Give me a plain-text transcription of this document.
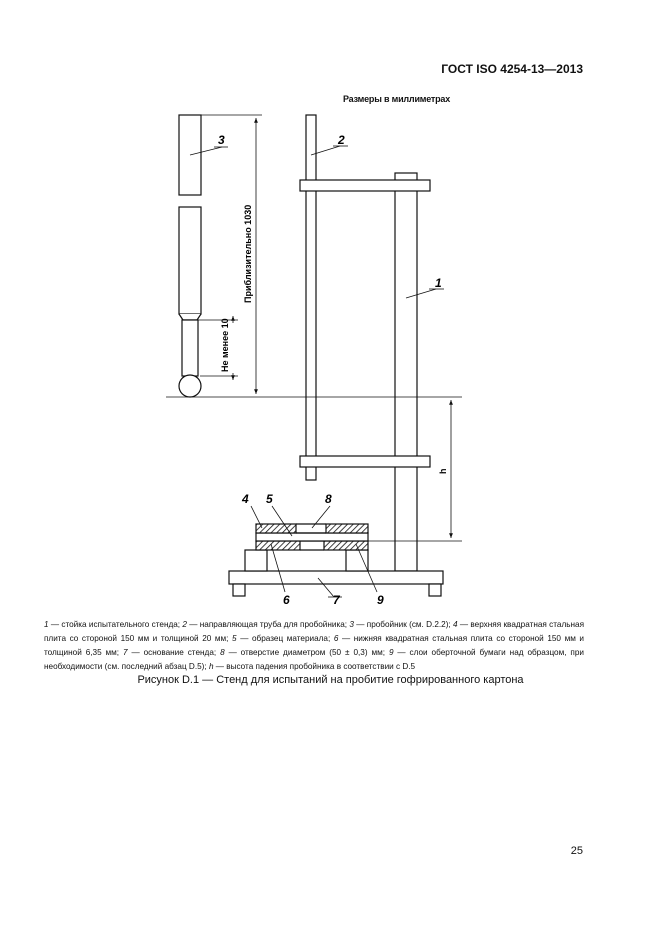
ГОСТ ISO 4254-13—2013
Размеры в миллиметрах
3	2
1
4 5	8
6	7	9
Приблизительно 1030
Не менее 10
h
1 — стойка испытательного стенда; 2 — направляющая труба для пробойника; 3 — пробойник (см. D.2.2); 4 — верхняя квадратная стальная плита со стороной 150 мм и толщиной 20 мм; 5 — образец материала; 6 — нижняя квадратная стальная плита со стороной 150 мм и толщиной 6,35 мм; 7 — основание стенда; 8 — отверстие диаметром (50 ± 0,3) мм; 9 — слои оберточной бумаги над образцом, при необходимости (см. последний абзац D.5); h — высота падения пробойника в соответствии с D.5
Рисунок D.1 — Стенд для испытаний на пробитие гофрированного картона
25
